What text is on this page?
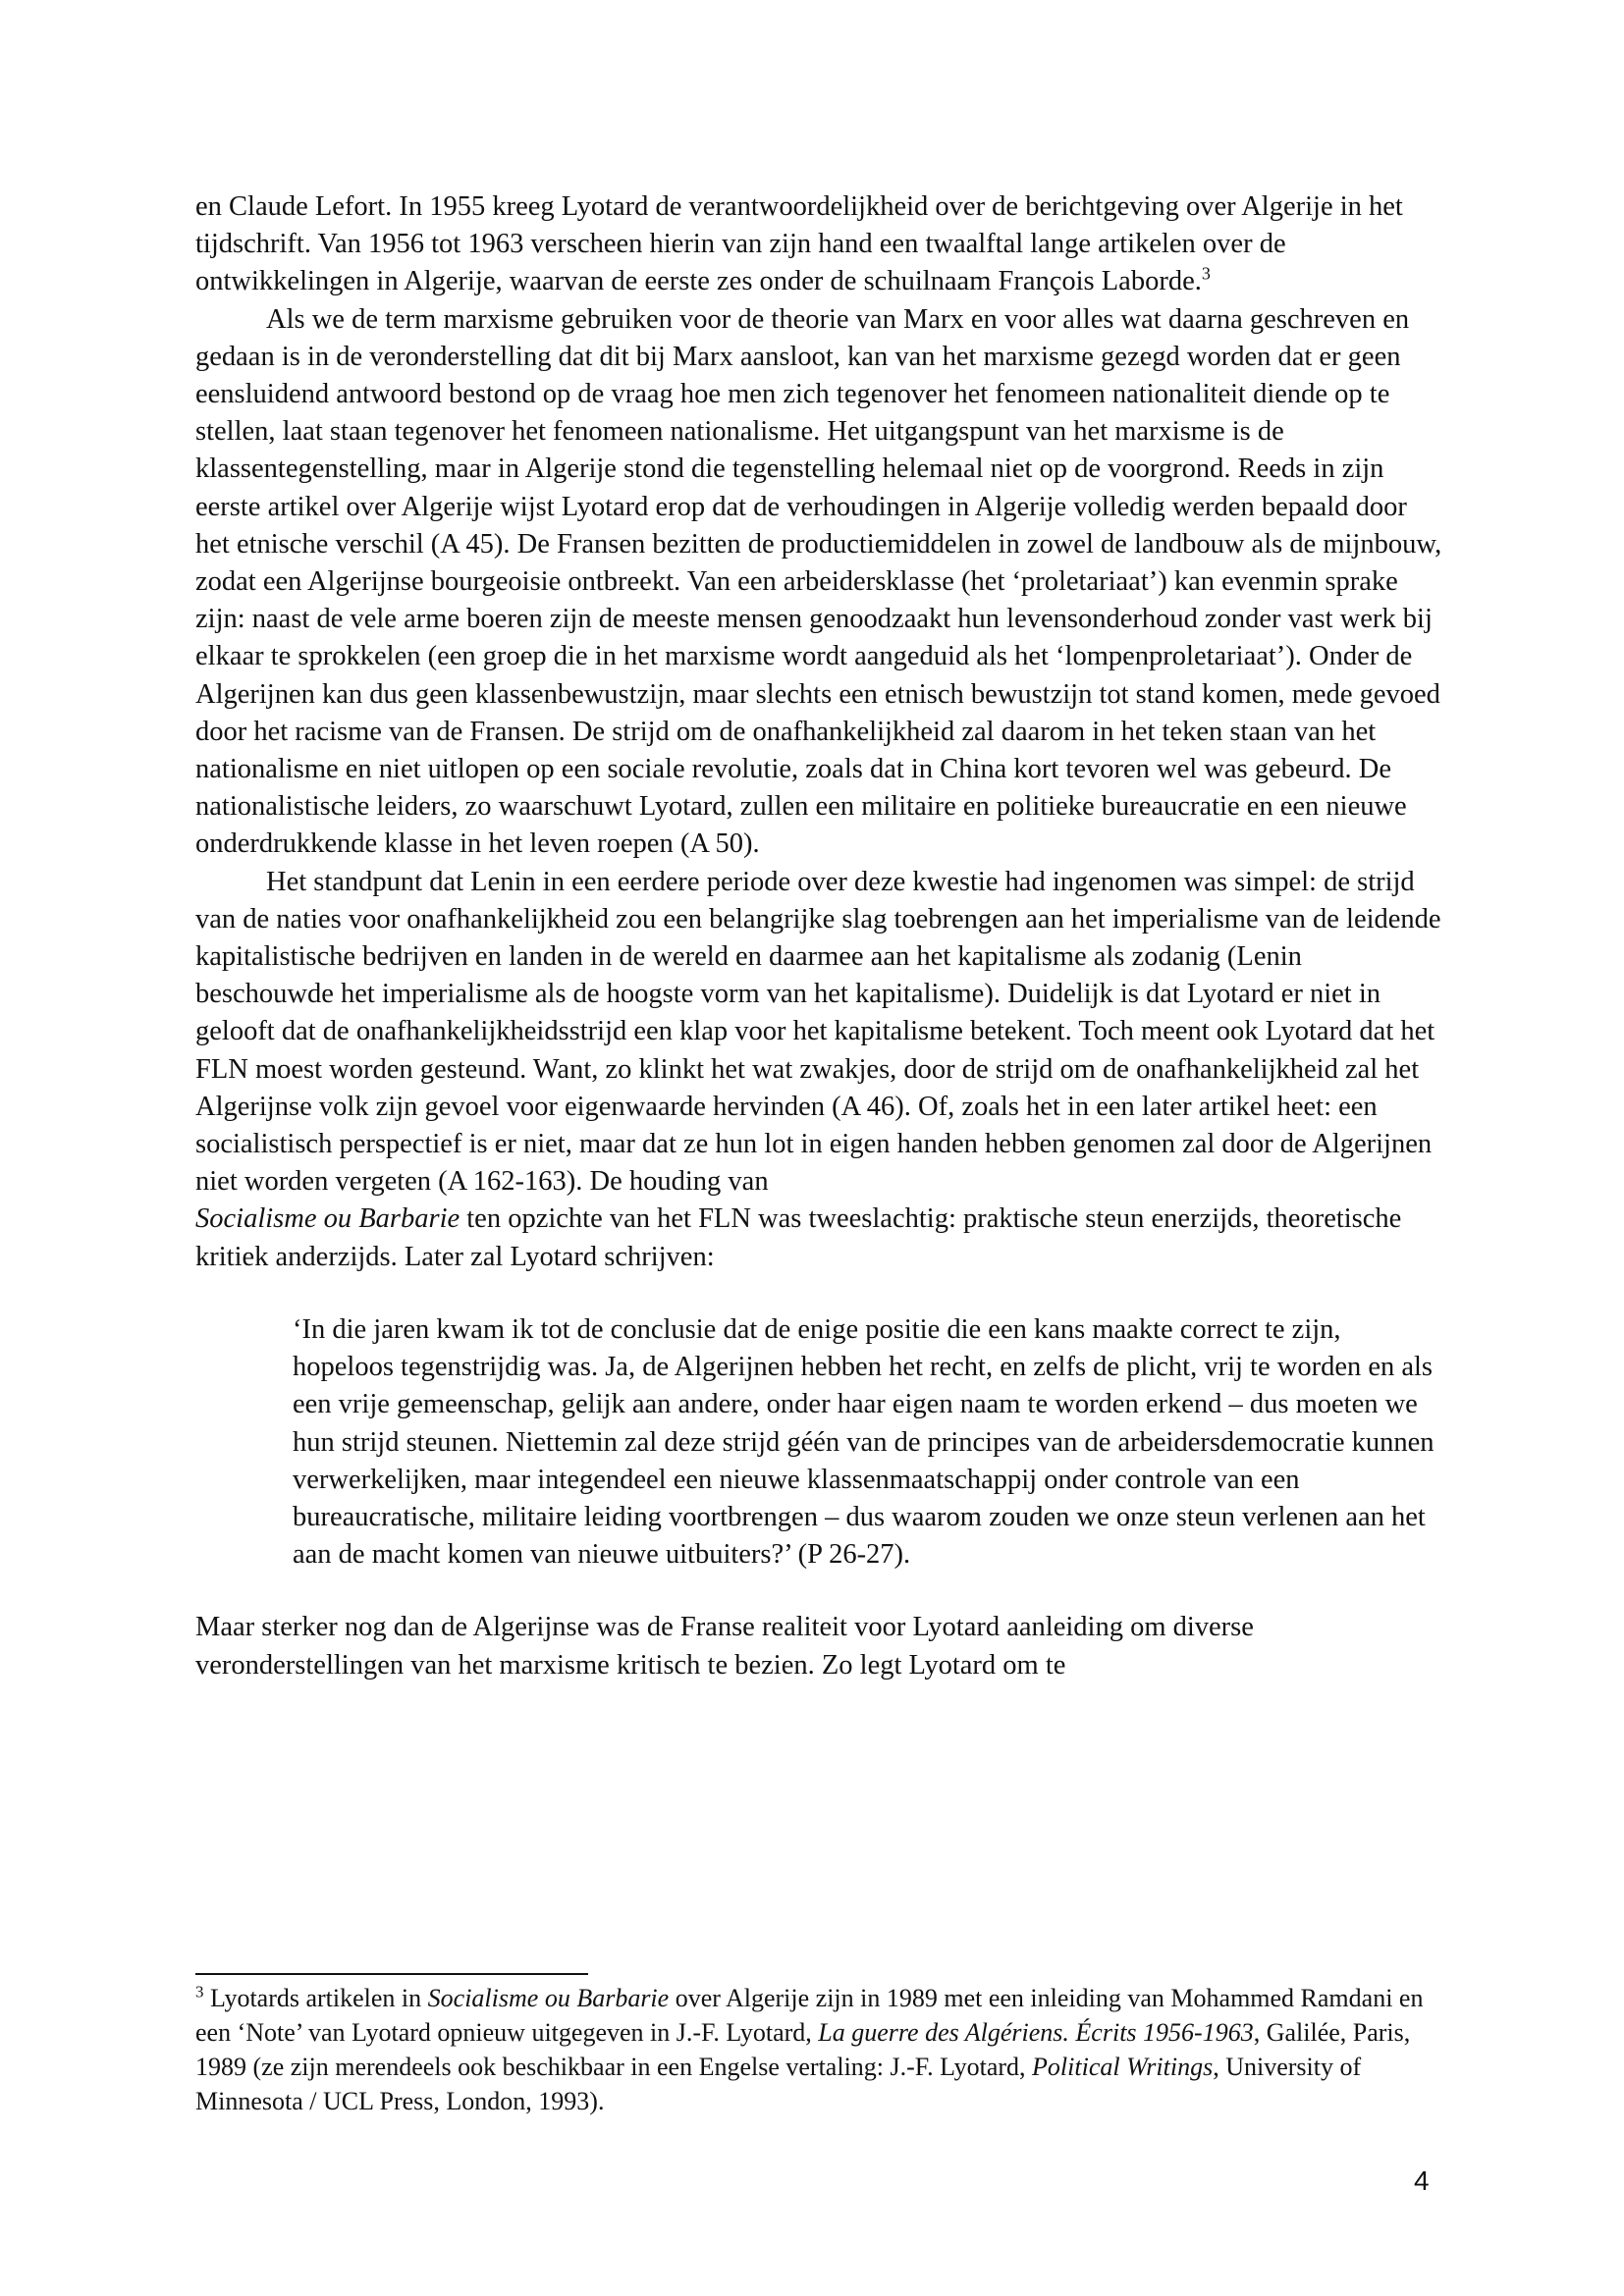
en Claude Lefort. In 1955 kreeg Lyotard de verantwoordelijkheid over de berichtgeving over Algerije in het tijdschrift. Van 1956 tot 1963 verscheen hierin van zijn hand een twaalftal lange artikelen over de ontwikkelingen in Algerije, waarvan de eerste zes onder de schuilnaam François Laborde.$^3$

Als we de term marxisme gebruiken voor de theorie van Marx en voor alles wat daarna geschreven en gedaan is in de veronderstelling dat dit bij Marx aansloot, kan van het marxisme gezegd worden dat er geen eensluidend antwoord bestond op de vraag hoe men zich tegenover het fenomeen nationaliteit diende op te stellen, laat staan tegenover het fenomeen nationalisme. Het uitgangspunt van het marxisme is de klassentegenstelling, maar in Algerije stond die tegenstelling helemaal niet op de voorgrond. Reeds in zijn eerste artikel over Algerije wijst Lyotard erop dat de verhoudingen in Algerije volledig werden bepaald door het etnische verschil (A 45). De Fransen bezitten de productiemiddelen in zowel de landbouw als de mijnbouw, zodat een Algerijnse bourgeoisie ontbreekt. Van een arbeidersklasse (het ‘proletariaat’) kan evenmin sprake zijn: naast de vele arme boeren zijn de meeste mensen genoodzaakt hun levensonderhoud zonder vast werk bij elkaar te sprokkelen (een groep die in het marxisme wordt aangeduid als het ‘lompenproletariaat’). Onder de Algerijnen kan dus geen klassenbewustzijn, maar slechts een etnisch bewustzijn tot stand komen, mede gevoed door het racisme van de Fransen. De strijd om de onafhankelijkheid zal daarom in het teken staan van het nationalisme en niet uitlopen op een sociale revolutie, zoals dat in China kort tevoren wel was gebeurd. De nationalistische leiders, zo waarschuwt Lyotard, zullen een militaire en politieke bureaucratie en een nieuwe onderdrukkende klasse in het leven roepen (A 50).

Het standpunt dat Lenin in een eerdere periode over deze kwestie had ingenomen was simpel: de strijd van de naties voor onafhankelijkheid zou een belangrijke slag toebrengen aan het imperialisme van de leidende kapitalistische bedrijven en landen in de wereld en daarmee aan het kapitalisme als zodanig (Lenin beschouwde het imperialisme als de hoogste vorm van het kapitalisme). Duidelijk is dat Lyotard er niet in gelooft dat de onafhankelijkheidsstrijd een klap voor het kapitalisme betekent. Toch meent ook Lyotard dat het FLN moest worden gesteund. Want, zo klinkt het wat zwakjes, door de strijd om de onafhankelijkheid zal het Algerijnse volk zijn gevoel voor eigenwaarde hervinden (A 46). Of, zoals het in een later artikel heet: een socialistisch perspectief is er niet, maar dat ze hun lot in eigen handen hebben genomen zal door de Algerijnen niet worden vergeten (A 162-163). De houding van
Socialisme ou Barbarie ten opzichte van het FLN was tweeslachtig: praktische steun enerzijds, theoretische kritiek anderzijds. Later zal Lyotard schrijven:

‘In die jaren kwam ik tot de conclusie dat de enige positie die een kans maakte correct te zijn, hopeloos tegenstrijdig was. Ja, de Algerijnen hebben het recht, en zelfs de plicht, vrij te worden en als een vrije gemeenschap, gelijk aan andere, onder haar eigen naam te worden erkend – dus moeten we hun strijd steunen. Niettemin zal deze strijd géén van de principes van de arbeidersdemocratie kunnen verwerkelijken, maar integendeel een nieuwe klassenmaatschappij onder controle van een bureaucratische, militaire leiding voortbrengen – dus waarom zouden we onze steun verlenen aan het aan de macht komen van nieuwe uitbuiters?’ (P 26-27).

Maar sterker nog dan de Algerijnse was de Franse realiteit voor Lyotard aanleiding om diverse veronderstellingen van het marxisme kritisch te bezien. Zo legt Lyotard om te

$^3$ Lyotards artikelen in Socialisme ou Barbarie over Algerije zijn in 1989 met een inleiding van Mohammed Ramdani en een ‘Note’ van Lyotard opnieuw uitgegeven in J.-F. Lyotard, La guerre des Algériens. Écrits 1956-1963, Galilée, Paris, 1989 (ze zijn merendeels ook beschikbaar in een Engelse vertaling: J.-F. Lyotard, Political Writings, University of Minnesota / UCL Press, London, 1993).
4
